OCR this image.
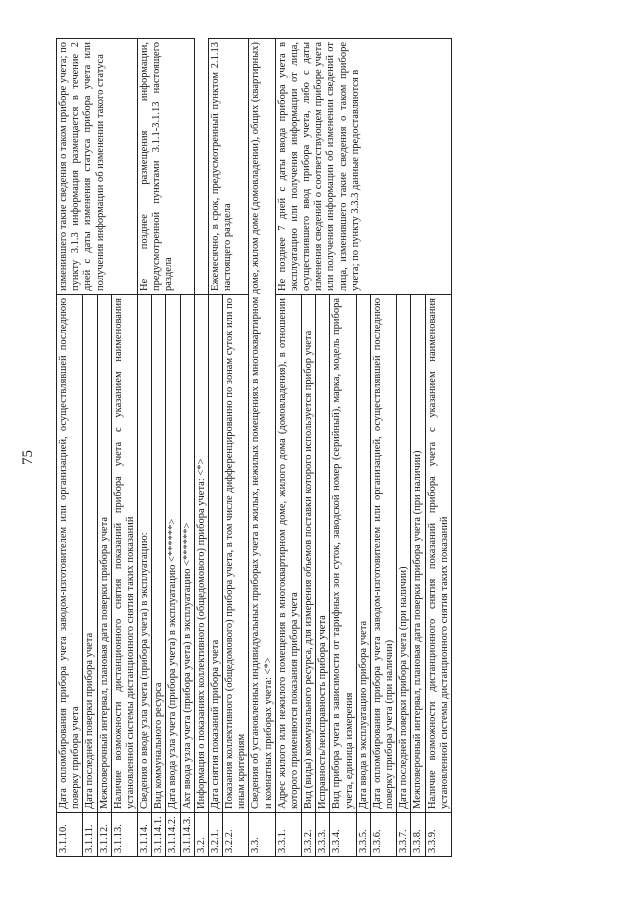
75
3.1.10.	Дата опломбирования прибора учета заводом-изготовителем или организацией, осуществлявшей последнюю поверку прибора учета	изменившего такие сведения о таком приборе учета; по пункту 3.1.3 информация размещается в течение 2 дней с даты изменения статуса прибора учета или получения информации об изменении такого статуса
3.1.11.	Дата последней поверки прибора учета	
3.1.12.	Межповерочный интервал, плановая дата поверки прибора учета	
3.1.13.	Наличие возможности дистанционного снятия показаний прибора учета с указанием наименования установленной системы дистанционного снятия таких показаний	
3.1.14.	Сведения о вводе узла учета (прибора учета) в эксплуатацию:	Не позднее размещения информации, предусмотренной пунктами 3.1.1-3.1.13 настоящего раздела
3.1.14.1.	Вид коммунального ресурса	
3.1.14.2.	Дата ввода узла учета (прибора учета) в эксплуатацию <******>	
3.1.14.3.	Акт ввода узла учета (прибора учета) в эксплуатацию <******>	
3.2.	Информация о показаниях коллективного (общедомового) прибора учета: <*>	
3.2.1.	Дата снятия показаний прибора учета	Ежемесячно, в срок, предусмотренный пунктом 2.1.13 настоящего раздела
3.2.2.	Показания коллективного (общедомового) прибора учета, в том числе дифференцированно по зонам суток или по иным критериям	
3.3.	Сведения об установленных индивидуальных приборах учета в жилых, нежилых помещениях в многоквартирном доме, жилом доме (домовладении), общих (квартирных) и комнатных приборах учета: <*>	
3.3.1.	Адрес жилого или нежилого помещения в многоквартирном доме, жилого дома (домовладения), в отношении которого применяются показания прибора учета	Не позднее 7 дней с даты ввода прибора учета в эксплуатацию или получения информации от лица, осуществившего ввод прибора учета, либо с даты изменения сведений о соответствующем приборе учета или получения информации об изменении сведений от лица, изменившего такие сведения о таком приборе учета; по пункту 3.3.3 данные предоставляются в
3.3.2.	Вид (виды) коммунального ресурса, для измерения объемов поставки которого используется прибор учета	
3.3.3.	Исправность/неисправность прибора учета	
3.3.4.	Вид прибора учета в зависимости от тарифных зон суток, заводской номер (серийный), марка, модель прибора учета, единица измерения	
3.3.5.	Дата ввода в эксплуатацию прибора учета	
3.3.6.	Дата опломбирования прибора учета заводом-изготовителем или организацией, осуществлявшей последнюю поверку прибора учета (при наличии)	
3.3.7.	Дата последней поверки прибора учета (при наличии)	
3.3.8.	Межповерочный интервал, плановая дата поверки прибора учета (при наличии)	
3.3.9.	Наличие возможности дистанционного снятия показаний прибора учета с указанием наименования установленной системы дистанционного снятия таких показаний	
